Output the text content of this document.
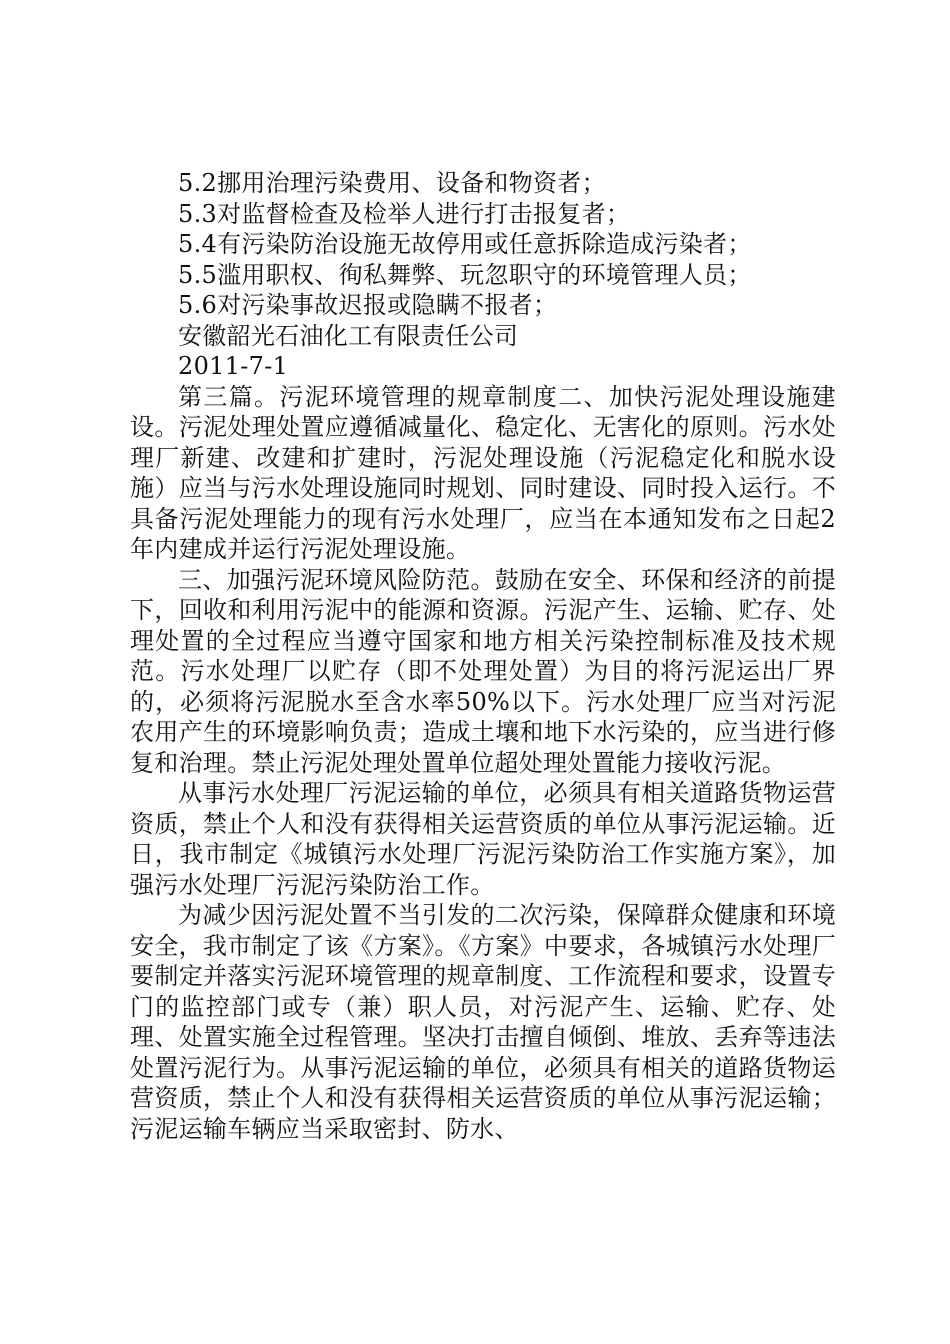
5.2挪用治理污染费用、设备和物资者；

5.3对监督检查及检举人进行打击报复者；

5.4有污染防治设施无故停用或任意拆除造成污染者；

5.5滥用职权、徇私舞弊、玩忽职守的环境管理人员；

5.6对污染事故迟报或隐瞒不报者；

安徽韶光石油化工有限责任公司

2011-7-1

第三篇。污泥环境管理的规章制度二、加快污泥处理设施建设。污泥处理处置应遵循减量化、稳定化、无害化的原则。污水处理厂新建、改建和扩建时，污泥处理设施（污泥稳定化和脱水设施）应当与污水处理设施同时规划、同时建设、同时投入运行。不具备污泥处理能力的现有污水处理厂，应当在本通知发布之日起2年内建成并运行污泥处理设施。

三、加强污泥环境风险防范。鼓励在安全、环保和经济的前提下，回收和利用污泥中的能源和资源。污泥产生、运输、贮存、处理处置的全过程应当遵守国家和地方相关污染控制标准及技术规范。污水处理厂以贮存（即不处理处置）为目的将污泥运出厂界的，必须将污泥脱水至含水率50%以下。污水处理厂应当对污泥农用产生的环境影响负责；造成土壤和地下水污染的，应当进行修复和治理。禁止污泥处理处置单位超处理处置能力接收污泥。

从事污水处理厂污泥运输的单位，必须具有相关道路货物运营资质，禁止个人和没有获得相关运营资质的单位从事污泥运输。近日，我市制定《城镇污水处理厂污泥污染防治工作实施方案》，加强污水处理厂污泥污染防治工作。

为减少因污泥处置不当引发的二次污染，保障群众健康和环境安全，我市制定了该《方案》。《方案》中要求，各城镇污水处理厂要制定并落实污泥环境管理的规章制度、工作流程和要求，设置专门的监控部门或专（兼）职人员，对污泥产生、运输、贮存、处理、处置实施全过程管理。坚决打击擅自倾倒、堆放、丢弃等违法处置污泥行为。从事污泥运输的单位，必须具有相关的道路货物运营资质，禁止个人和没有获得相关运营资质的单位从事污泥运输；污泥运输车辆应当采取密封、防水、
